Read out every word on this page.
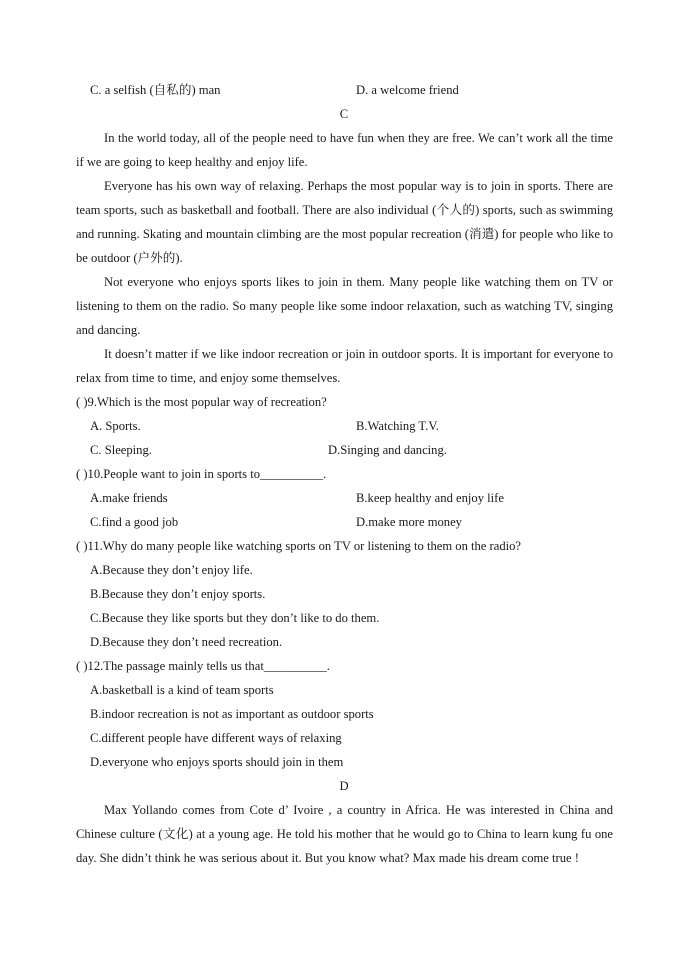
C. a selfish (自私的) man	D. a welcome friend
C
In the world today, all of the people need to have fun when they are free. We can’t work all the time if we are going to keep healthy and enjoy life.
Everyone has his own way of relaxing. Perhaps the most popular way is to join in sports. There are team sports, such as basketball and football. There are also individual (个人的) sports, such as swimming and running. Skating and mountain climbing are the most popular recreation (消遣) for people who like to be outdoor (户外的).
Not everyone who enjoys sports likes to join in them. Many people like watching them on TV or listening to them on the radio. So many people like some indoor relaxation, such as watching TV, singing and dancing.
It doesn’t matter if we like indoor recreation or join in outdoor sports. It is important for everyone to relax from time to time, and enjoy some themselves.
( )9.Which is the most popular way of recreation?
A. Sports.	B.Watching T.V.
C. Sleeping.	D.Singing and dancing.
( )10.People want to join in sports to__________.
A.make friends	B.keep healthy and enjoy life
C.find a good job	D.make more money
( )11.Why do many people like watching sports on TV or listening to them on the radio?
A.Because they don’t enjoy life.
B.Because they don’t enjoy sports.
C.Because they like sports but they don’t like to do them.
D.Because they don’t need recreation.
( )12.The passage mainly tells us that__________.
A.basketball is a kind of team sports
B.indoor recreation is not as important as outdoor sports
C.different people have different ways of relaxing
D.everyone who enjoys sports should join in them
D
Max Yollando comes from Cote d’ Ivoire , a country in Africa. He was interested in China and Chinese culture (文化) at a young age. He told his mother that he would go to China to learn kung fu one day. She didn’t think he was serious about it. But you know what? Max made his dream come true !
